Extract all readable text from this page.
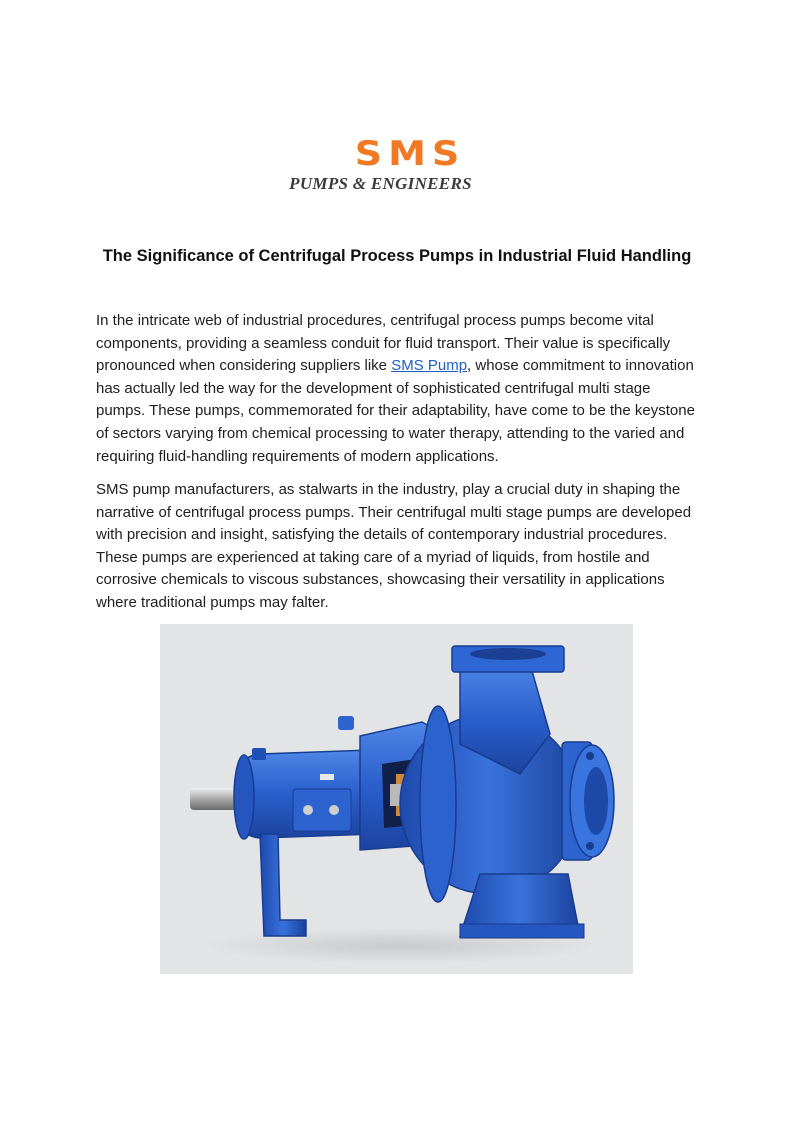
SMS
PUMPS & ENGINEERS
The Significance of Centrifugal Process Pumps in Industrial Fluid Handling

In the intricate web of industrial procedures, centrifugal process pumps become vital components, providing a seamless conduit for fluid transport. Their value is specifically pronounced when considering suppliers like SMS Pump, whose commitment to innovation has actually led the way for the development of sophisticated centrifugal multi stage pumps. These pumps, commemorated for their adaptability, have come to be the keystone of sectors varying from chemical processing to water therapy, attending to the varied and requiring fluid-handling requirements of modern applications.

SMS pump manufacturers, as stalwarts in the industry, play a crucial duty in shaping the narrative of centrifugal process pumps. Their centrifugal multi stage pumps are developed with precision and insight, satisfying the details of contemporary industrial procedures. These pumps are experienced at taking care of a myriad of liquids, from hostile and corrosive chemicals to viscous substances, showcasing their versatility in applications where traditional pumps may falter.
